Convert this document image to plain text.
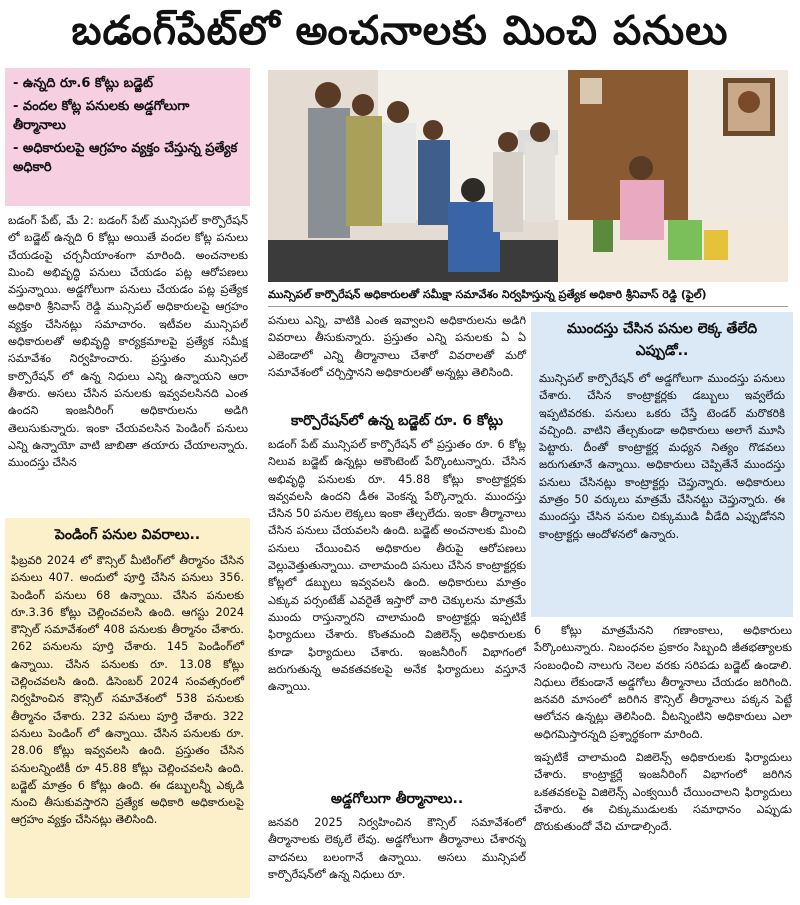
బడంగ్‌పేట్‌లో అంచనాలకు మించి పనులు

- ఉన్నది రూ.6 కోట్లు బడ్జెట్

- వందల కోట్ల పనులకు అడ్డగోలుగా తీర్మానాలు

- అధికారులపై ఆగ్రహం వ్యక్తం చేస్తున్న ప్రత్యేక అధికారి

బడంగ్ పేట్, మే 2: బడంగ్ పేట్ మున్సిపల్ కార్పొరేషన్ లో బడ్జెట్ ఉన్నది 6 కోట్లు అయితే వందల కోట్ల పనులు చేయడంపై చర్చనీయాంశంగా మారింది. అంచనాలకు మించి అభివృద్ధి పనులు చేయడం పట్ల ఆరోపణలు వస్తున్నాయి. అడ్డగోలుగా పనులు చేయడం పట్ల ప్రత్యేక అధికారి శ్రీనివాస్ రెడ్డి మున్సిపల్ అధికారులపై ఆగ్రహం వ్యక్తం చేసినట్లు సమాచారం. ఇటీవల మున్సిపల్ అధికారులతో అభివృద్ధి కార్యక్రమాలపై ప్రత్యేక సమీక్ష సమావేశం నిర్వహించారు. ప్రస్తుతం మున్సిపల్ కార్పొరేషన్ లో ఉన్న నిధులు ఎన్ని ఉన్నాయని ఆరా తీశారు. అసలు చేసిన పనులకు ఇవ్వవలసినది ఎంత ఉందని ఇంజనీరింగ్ అధికారులను అడిగి తెలుసుకున్నారు. ఇంకా చేయవలసిన పెండింగ్ పనులు ఎన్ని ఉన్నాయో వాటి జాబితా తయారు చేయాలన్నారు. ముందస్తు చేసిన

మున్సిపల్ కార్పొరేషన్ అధికారులతో సమీక్షా సమావేశం నిర్వహిస్తున్న ప్రత్యేక అధికారి శ్రీనివాస్ రెడ్డి (ఫైల్)

పనులు ఎన్ని, వాటికి ఎంత ఇవ్వాలని అధికారులను అడిగి వివరాలు తీసుకున్నారు. ప్రస్తుతం ఎన్ని పనులకు ఏ ఏ ఎజెండాలో ఎన్ని తీర్మానాలు చేశారో వివరాలతో మరో సమావేశంలో చర్చిస్తానని అధికారులతో అన్నట్లు తెలిసింది.

కార్పొరేషన్‌లో ఉన్న బడ్జెట్ రూ. 6 కోట్లు

బడంగ్ పేట్ మున్సిపల్ కార్పొరేషన్ లో ప్రస్తుతం రూ. 6 కోట్ల నిలువ బడ్జెట్ ఉన్నట్లు అకౌంటెంట్ పేర్కొంటున్నారు. చేసిన అభివృద్ధి పనులకు రూ. 45.88 కోట్లు కాంట్రాక్టర్లకు ఇవ్వవలసి ఉందని డీఈ వెంకన్న పేర్కొన్నారు. ముందస్తు చేసిన 50 పనుల లెక్కలు ఇంకా తేల్చలేదు. ఇంకా తీర్మానాలు చేసిన పనులు చేయవలసి ఉంది. బడ్జెట్ అంచనాలకు మించి పనులు చేయించిన అధికారుల తీరుపై ఆరోపణలు వెల్లువెత్తుతున్నాయి. చాలామంది పనులు చేసిన కాంట్రాక్టర్లకు కోట్లలో డబ్బులు ఇవ్వవలసి ఉంది. అధికారులు మాత్రం ఎక్కువ పర్సంటేజ్ ఎవరైతే ఇస్తారో వారి చెక్కులను మాత్రమే ముందు రాస్తున్నారని చాలామంది కాంట్రాక్టర్లు ఇప్పటికే ఫిర్యాదులు చేశారు. కొంతమంది విజిలెన్స్ అధికారులకు కూడా ఫిర్యాదులు చేశారు. ఇంజనీరింగ్ విభాగంలో జరుగుతున్న అవకతవకలపై అనేక ఫిర్యాదులు వస్తూనే ఉన్నాయి.

అడ్డగోలుగా తీర్మానాలు..

జనవరి 2025 నిర్వహించిన కౌన్సిల్ సమావేశంలో తీర్మానాలకు లెక్కలే లేవు. అడ్డగోలుగా తీర్మానాలు చేశారన్న వాదనలు బలంగానే ఉన్నాయి. అసలు మున్సిపల్ కార్పొరేషన్‌లో ఉన్న నిధులు రూ.

ముందస్తు చేసిన పనుల లెక్క తేలేది ఎప్పుడో..

మున్సిపల్ కార్పొరేషన్ లో అడ్డగోలుగా ముందస్తు పనులు చేశారు. చేసిన కాంట్రాక్టర్లకు డబ్బులు ఇవ్వలేదు ఇప్పటివరకు. పనులు ఒకరు చేస్తే టెండర్ మరొకరికి వచ్చింది. వాటిని తేల్చకుండా అధికారులు అలాగే మూసి పెట్టారు. దీంతో కాంట్రాక్టర్ల మధ్యన నిత్యం గొడవలు జరుగుతూనే ఉన్నాయి. అధికారులు చెప్పితేనే ముందస్తు పనులు చేసినట్లు కాంట్రాక్టర్లు చెప్తున్నారు. అధికారులు మాత్రం 50 వర్కులు మాత్రమే చేసినట్టు చెప్తున్నారు. ఈ ముందస్తు చేసిన పనుల చిక్కుముడి వీడేది ఎప్పుడోనని కాంట్రాక్టర్లు ఆందోళనలో ఉన్నారు.

6 కోట్లు మాత్రమేనని గణాంకాలు, అధికారులు పేర్కొంటున్నారు. నిబంధనల ప్రకారం సిబ్బంది జీతభత్యాలకు సంబంధించి నాలుగు నెలల వరకు సరిపడు బడ్జెట్ ఉండాలి. నిధులు లేకుండానే అడ్డగోలు తీర్మానాలు చేయడం జరిగింది. జనవరి మాసంలో జరిగిన కౌన్సిల్ తీర్మానాలు పక్కన పెట్టే ఆలోచన ఉన్నట్లు తెలిసింది. వీటన్నింటిని అధికారులు ఎలా అధిగమిస్తారన్నది ప్రశ్నార్థకంగా మారింది.

ఇప్పటికే చాలామంది విజిలెన్స్ అధికారులకు ఫిర్యాదులు చేశారు. కాంట్రాక్టర్లే ఇంజనీరింగ్ విభాగంలో జరిగిన ఒకతవకలపై విజిలెన్స్ ఎంక్వయిరీ చేయించాలని ఫిర్యాదులు చేశారు. ఈ చిక్కుముడులకు సమాధానం ఎప్పుడు దొరుకుతుందో వేచి చూడాల్సిందే.

పెండింగ్ పనుల వివరాలు..

ఫిబ్రవరి 2024 లో కౌన్సిల్ మీటింగ్‌లో తీర్మానం చేసిన పనులు 407. అందులో పూర్తి చేసిన పనులు 356. పెండింగ్ పనులు 68 ఉన్నాయి. చేసిన పనులకు రూ.3.36 కోట్లు చెల్లించవలసి ఉంది. ఆగస్టు 2024 కౌన్సిల్ సమావేశంలో 408 పనులకు తీర్మానం చేశారు. 262 పనులను పూర్తి చేశారు. 145 పెండింగ్‌లో ఉన్నాయి. చేసిన పనులకు రూ. 13.08 కోట్లు చెల్లించవలసి ఉంది. డిసెంబర్ 2024 సంవత్సరంలో నిర్వహించిన కౌన్సిల్ సమావేశంలో 538 పనులకు తీర్మానం చేశారు. 232 పనులు పూర్తి చేశారు. 322 పనులు పెండింగ్ లో ఉన్నాయి. చేసిన పనులకు రూ. 28.06 కోట్లు ఇవ్వవలసి ఉంది. ప్రస్తుతం చేసిన పనులన్నింటికీ రూ 45.88 కోట్లు చెల్లించవలసి ఉంది. బడ్జెట్ మాత్రం 6 కోట్లు ఉంది. ఈ డబ్బులన్నీ ఎక్కడి నుంచి తీసుకువస్తారని ప్రత్యేక అధికారి అధికారులపై ఆగ్రహం వ్యక్తం చేసినట్లు తెలిసింది.
